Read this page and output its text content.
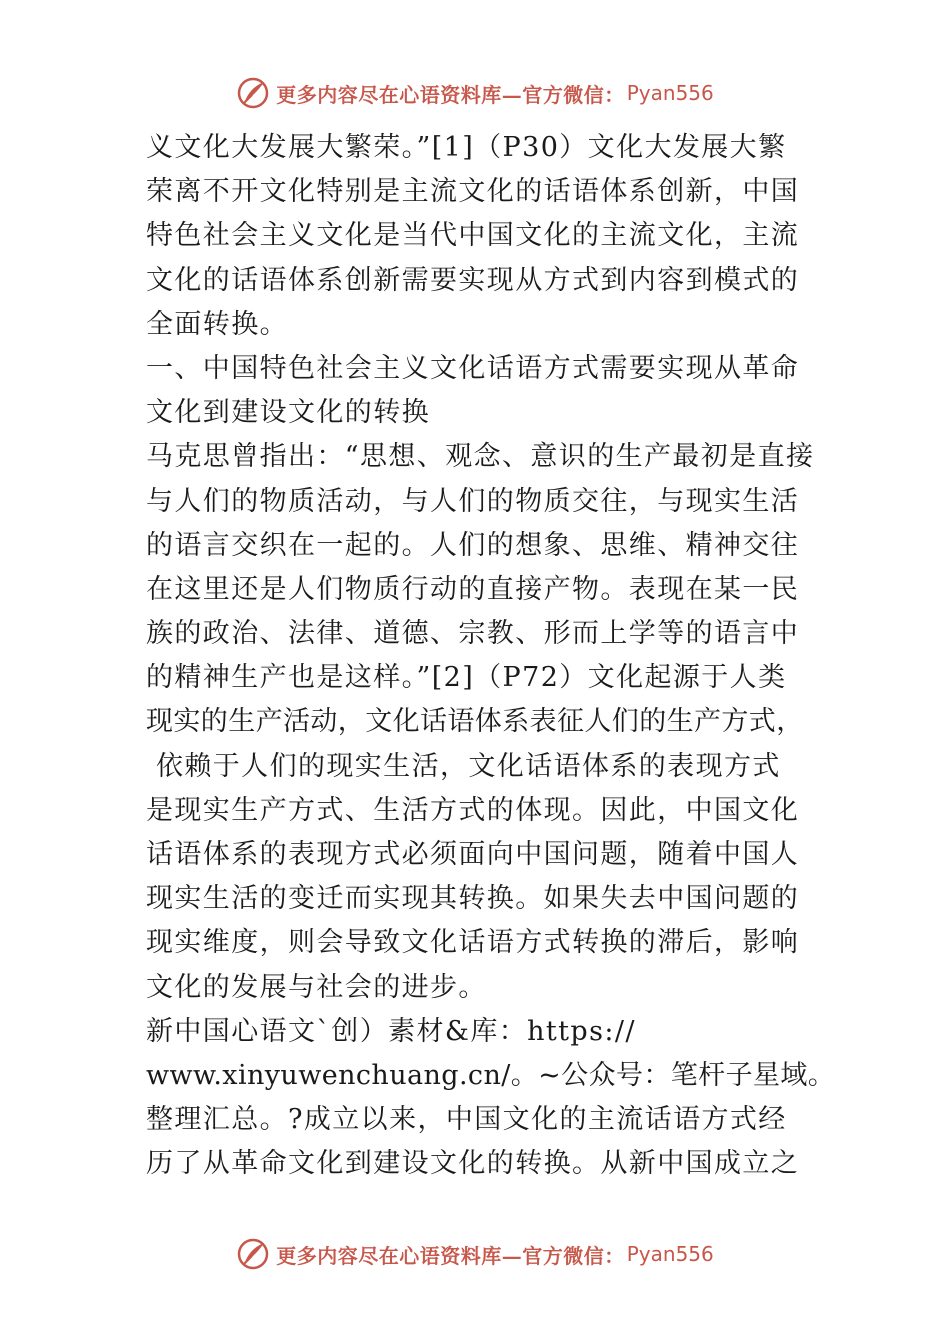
更多内容尽在心语资料库—官方微信： Pyan556
义文化大发展大繁荣。”[1]（P30）文化大发展大繁
荣离不开文化特别是主流文化的话语体系创新，中国
特色社会主义文化是当代中国文化的主流文化，主流
文化的话语体系创新需要实现从方式到内容到模式的
全面转换。
一、中国特色社会主义文化话语方式需要实现从革命
文化到建设文化的转换
马克思曾指出：“思想、观念、意识的生产最初是直接
与人们的物质活动，与人们的物质交往，与现实生活
的语言交织在一起的。人们的想象、思维、精神交往
在这里还是人们物质行动的直接产物。表现在某一民
族的政治、法律、道德、宗教、形而上学等的语言中
的精神生产也是这样。”[2]（P72）文化起源于人类
现实的生产活动，文化话语体系表征人们的生产方式，
依赖于人们的现实生活，文化话语体系的表现方式
是现实生产方式、生活方式的体现。因此，中国文化
话语体系的表现方式必须面向中国问题，随着中国人
现实生活的变迁而实现其转换。如果失去中国问题的
现实维度，则会导致文化话语方式转换的滞后，影响
文化的发展与社会的进步。
新中国心语文`创）素材&库：https://
www.xinyuwenchuang.cn/。~公众号：笔杆子星域。
整理汇总。?成立以来，中国文化的主流话语方式经
历了从革命文化到建设文化的转换。从新中国成立之
更多内容尽在心语资料库—官方微信： Pyan556
